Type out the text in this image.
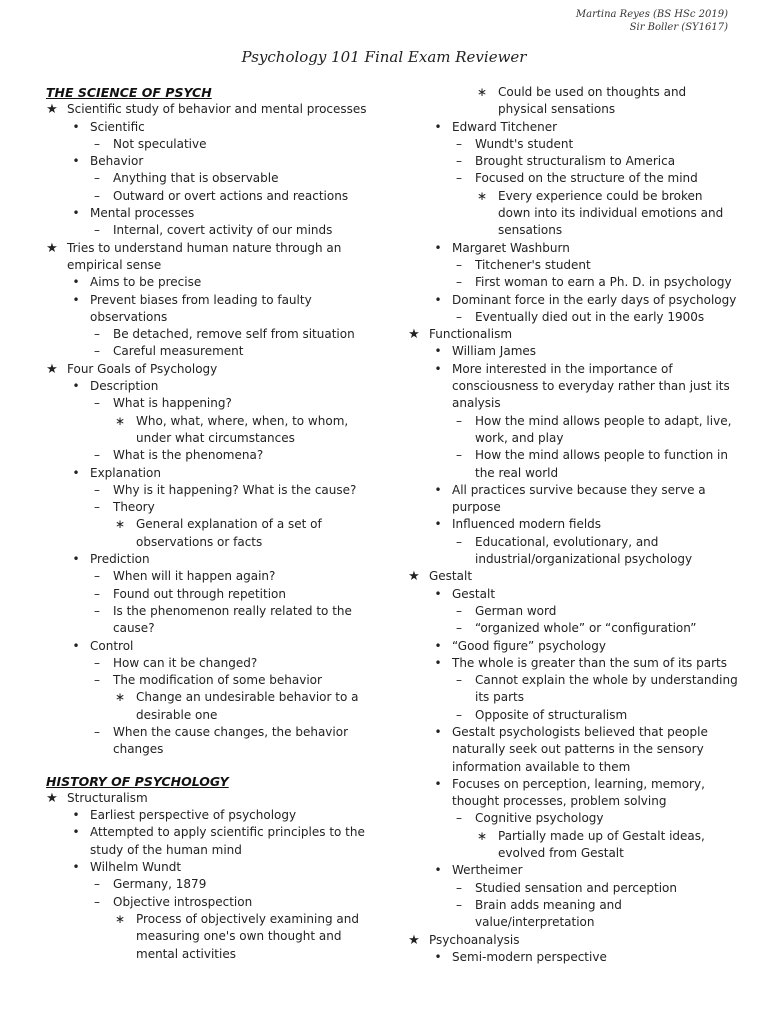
Martina Reyes (BS HSc 2019)
Sir Boller (SY1617)
Psychology 101 Final Exam Reviewer
THE SCIENCE OF PSYCH
★ Scientific study of behavior and mental processes
• Scientific
– Not speculative
• Behavior
– Anything that is observable
– Outward or overt actions and reactions
• Mental processes
– Internal, covert activity of our minds
★ Tries to understand human nature through an empirical sense
• Aims to be precise
• Prevent biases from leading to faulty observations
– Be detached, remove self from situation
– Careful measurement
★ Four Goals of Psychology
• Description
– What is happening?
∗ Who, what, where, when, to whom, under what circumstances
– What is the phenomena?
• Explanation
– Why is it happening? What is the cause?
– Theory
∗ General explanation of a set of observations or facts
• Prediction
– When will it happen again?
– Found out through repetition
– Is the phenomenon really related to the cause?
• Control
– How can it be changed?
– The modification of some behavior
∗ Change an undesirable behavior to a desirable one
– When the cause changes, the behavior changes
HISTORY OF PSYCHOLOGY
★ Structuralism
• Earliest perspective of psychology
• Attempted to apply scientific principles to the study of the human mind
• Wilhelm Wundt
– Germany, 1879
– Objective introspection
∗ Process of objectively examining and measuring one's own thought and mental activities
∗ Could be used on thoughts and physical sensations
• Edward Titchener
– Wundt's student
– Brought structuralism to America
– Focused on the structure of the mind
∗ Every experience could be broken down into its individual emotions and sensations
• Margaret Washburn
– Titchener's student
– First woman to earn a Ph. D. in psychology
• Dominant force in the early days of psychology
– Eventually died out in the early 1900s
★ Functionalism
• William James
• More interested in the importance of consciousness to everyday rather than just its analysis
– How the mind allows people to adapt, live, work, and play
– How the mind allows people to function in the real world
• All practices survive because they serve a purpose
• Influenced modern fields
– Educational, evolutionary, and industrial/organizational psychology
★ Gestalt
• Gestalt
– German word
– “organized whole” or “configuration”
• “Good figure” psychology
• The whole is greater than the sum of its parts
– Cannot explain the whole by understanding its parts
– Opposite of structuralism
• Gestalt psychologists believed that people naturally seek out patterns in the sensory information available to them
• Focuses on perception, learning, memory, thought processes, problem solving
– Cognitive psychology
∗ Partially made up of Gestalt ideas, evolved from Gestalt
• Wertheimer
– Studied sensation and perception
– Brain adds meaning and value/interpretation
★ Psychoanalysis
• Semi-modern perspective
